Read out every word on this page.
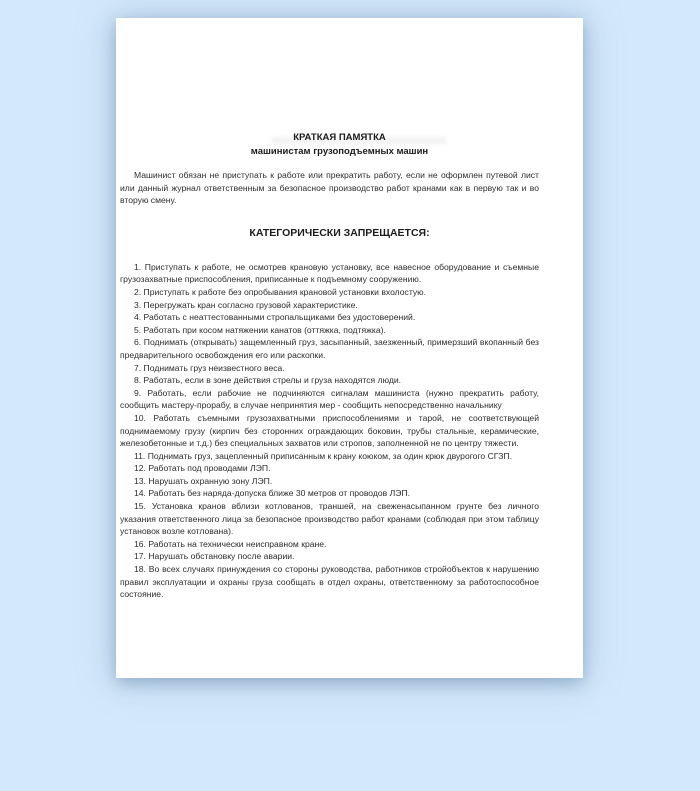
КРАТКАЯ ПАМЯТКА
машинистам грузоподъемных машин

Машинист обязан не приступать к работе или прекратить работу, если не оформлен путевой лист или данный журнал ответственным за безопасное производство работ кранами как в первую так и во вторую смену.

КАТЕГОРИЧЕСКИ ЗАПРЕЩАЕТСЯ:

1. Приступать к работе, не осмотрев крановую установку, все навесное оборудование и съемные грузозахватные приспособления, приписанные к подъемному сооружению.

2. Приступать к работе без опробывания крановой установки вхолостую.

3. Перегружать кран согласно грузовой характеристике.

4. Работать с неаттестованными стропальщиками без удостоверений.

5. Работать при косом натяжении канатов (оттяжка, подтяжка).

6. Поднимать (открывать) защемленный груз, засыпанный, заезженный, примерзший вкопанный без предварительного освобождения его или раскопки.

7. Поднимать груз неизвестного веса.

8. Работать, если в зоне действия стрелы и груза находятся люди.

9. Работать, если рабочие не подчиняются сигналам машиниста (нужно прекратить работу, сообщить мастеру-прорабу, в случае непринятия мер - сообщить непосредственно начальнику

10. Работать съемными грузозахватными приспособлениями и тарой, не соответствующей поднимаемому грузу (кирпич без сторонних ограждающих боковин, трубы стальные, керамические, железобетонные и т.д.) без специальных захватов или стропов, заполненной не по центру тяжести.

11. Поднимать груз, зацепленный приписанным к крану коюком, за один крюк двурогого СГЗП.

12. Работать под проводами ЛЭП.

13. Нарушать охранную зону ЛЭП.

14. Работать без наряда-допуска ближе 30 метров от проводов ЛЭП.

15. Установка кранов вблизи котлованов, траншей, на свеженасыпанном грунте без личного указания ответственного лица за безопасное производство работ кранами (соблюдая при этом таблицу установок возле котлована).

16. Работать на технически неисправном кране.

17. Нарушать обстановку после аварии.

18. Во всех случаях принуждения со стороны руководства, работников стройобъектов к нарушению правил эксплуатации и охраны груза сообщать в отдел охраны, ответственному за работоспособное состояние.
